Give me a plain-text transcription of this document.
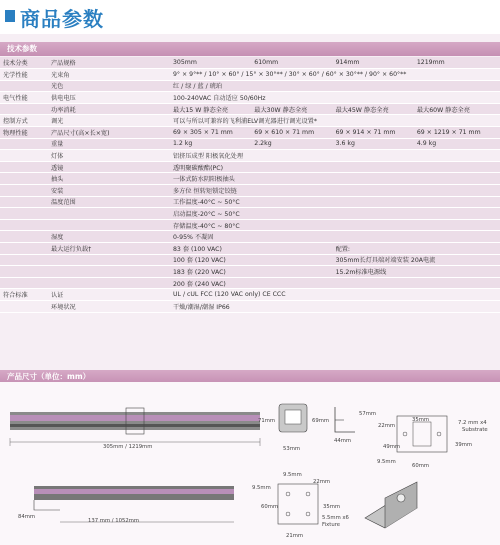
商品参数
技术参数
技术分类	产品规格	305mm	610mm	914mm	1219mm
光学性能	光束角	9° × 9°** / 10° × 60° / 15° × 30°** / 30° × 60° / 60° × 30°** / 90° × 60°**			
	光色	红 / 绿 / 蓝 / 琥珀			
电气性能	供电电压	100-240VAC 自动适应 50/60Hz			
	功率消耗	最大15 W 静态全亮	最大30W 静态全亮	最大45W 静态全亮	最大60W 静态全亮
控制方式	调光	可以与所以可兼容的飞利浦ELV调光器进行调光设置*			
物理性能	产品尺寸(高×长×宽)	69 × 305 × 71 mm	69 × 610 × 71 mm	69 × 914 × 71 mm	69 × 1219 × 71 mm
	重量	1.2 kg	2.2kg	3.6 kg	4.9 kg
	灯体	铝挤压成型 阳极氧化处理			
	透镜	透明聚碳酸酯(PC)			
	抽头	一体式防水阴阳极抽头			
	安装	多方位 恒转矩锁定铰链			
	温度范围	工作温度-40°C ~ 50°C			
		启动温度-20°C ~ 50°C			
		存储温度-40°C ~ 80°C			
	湿度	0-95% 不凝固			
	最大运行负载†	83 套 (100 VAC)		配置:	
		100 套 (120 VAC)		305mm长灯具端对端安装 20A电流	
		183 套 (220 VAC)		15.2m标准电源线	
		200 套 (240 VAC)			
符合标准	认证	UL / cUL FCC (120 VAC only) CE CCC			
	环境状况	干燥/潮湿/潮湿 IP66			
产品尺寸（单位：mm）
305mm / 1219mm
71mm	69mm
53mm
57mm
44mm
35mm
22mm
49mm
9.5mm
60mm
39mm
7.2 mm x4
Substrate
84mm
137 mm / 1052mm
9.5mm
22mm
9.5mm
60mm	35mm
5.5mm x6
Fixture
21mm
